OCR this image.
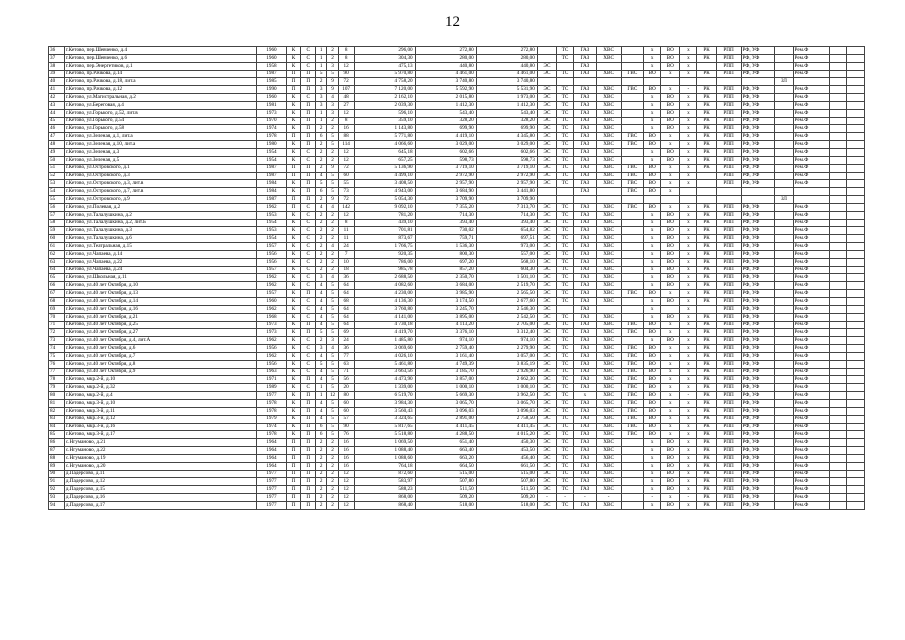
12
36	г.Кетово, пер.Шевченко, д.4	1960	К	С	1	2	8	296,00	272,80	272,80		ТС	ГАЗ	ХВС		х	ВО	х	РК	РПП	РФ, УФ		Рем.Ф		
37	г.Кетово, пер.Шевченко, д.6	1960	К	С	1	2	8	304,30	280,00	280,00		ТС	ГАЗ	ХВС		х	ВО	х	РК	РПП	РФ, УФ		Рем.Ф		
38	г.Кетово, пер.Энергетиков, д.1	1958	К	С	1	3	12	475,13	440,80	440,80	ЭС		ГАЗ			х	ВО	х		РПП	РФ, УФ		Рем.Ф		
39	г.Кетово, пр.Рачкова, д.14	1987	П	П	5	5	90	5 970,80	4 461,00	4 461,00	ЭС	ТС	ГАЗ	ХВС	ГВС	ВО	х	х	РК	РПП	РФ, УФ		Рем.Ф		
40	г.Кетово, пр.Рачкова, д.18, лит.а	1985	П	П	2	9	72	4 758,20	3 740,80	3 740,80												ЗЛ			
41	г.Кетово, пр.Рачкова, д.12	1990	П	П	3	9	107	7 120,00	5 592,90	5 531,90	ЭС	ТС	ГАЗ	ХВС	ГВС	ВО	х	-	РК	РПП	РФ, УФ		Рем.Ф		
42	г.Кетово, ул.Магистральная, д.2	1960	К	С	3	4	48	2 162,10	2 015,80	1 973,00	ЭС	ТС	ГАЗ	ХВС		х	ВО	х	РК	РПП	РФ, УФ		Рем.Ф		
43	г.Кетово, ул.Береговая, д.4	1981	К	П	3	3	27	2 039,30	1 412,30	1 412,30	ЭС	ТС	ГАЗ	ХВС		х	ВО	х	РК	РПП	РФ, УФ		Рем.Ф		
44	г.Кетово, ул.Горького, д.52, лит.в	1973	К	П	1	3	12	596,10	543,40	543,40	ЭС	ТС	ГАЗ	ХВС		х	ВО	х	РК	РПП	РФ, УФ		Рем.Ф		
45	г.Кетово, ул.Горького, д.54	1970	К	П	1	2	8	359,10	328,20	328,20	ЭС	ТС	ГАЗ	ХВС		х	ВО	х	РК	РПП	РФ, УФ		Рем.Ф		
46	г.Кетово, ул.Горького, д.58	1974	К	П	2	2	16	1 143,80	699,90	699,90	ЭС	ТС	ГАЗ	ХВС		х	ВО	х	РК	РПП	РФ, УФ		Рем.Ф		
47	г.Кетово, ул.Зеленая, д.1, лит.а	1978	П	П	6	5	88	5 771,80	4 419,10	4 345,80	ЭС	ТС	ГАЗ	ХВС	ГВС	ВО	х	х	РК	РПП	РФ, УФ		Рем.Ф		
48	г.Кетово, ул.Зеленая, д.10, лит.а	1980	К	П	2	5	114	4 066,60	3 029,00	3 029,00	ЭС	ТС	ГАЗ	ХВС	ГВС	ВО	х	х	РК	РПП	РФ, УФ		Рем.Ф		
49	г.Кетово, ул.Зеленая, д.3	1954	К	С	2	2	12	645,18	602,66	602,66	ЭС	ТС	ГАЗ	ХВС		х	ВО	х	РК	РПП	РФ, УФ		Рем.Ф		
50	г.Кетово, ул.Зеленая, д.5	1954	К	С	2	2	12	657,25	598,73	598,73	ЭС	ТС	ГАЗ	ХВС		х	ВО	х	РК	РПП	РФ, УФ		Рем.Ф		
51	г.Кетово, ул.Островского, д.1	1987	П	П	2	9	72	5 136,90	3 719,10	3 719,10	ЭС	ТС	ГАЗ	ХВС	ГВС	ВО	х	х	РК	РПП	РФ, УФ		Рем.Ф		
52	г.Кетово, ул.Островского, д.3	1987	П	П	4	5	60	4 499,10	2 972,90	2 972,90	ЭС	ТС	ГАЗ	ХВС	ГВС	ВО	х	х		РПП	РФ, УФ		Рем.Ф		
53	г.Кетово, ул.Островского, д.3, лит.в	1984	К	П	5	5	55	3 408,50	2 957,90	2 957,90	ЭС	ТС	ГАЗ	ХВС	ГВС	ВО	х	х		РПП	РФ, УФ		Рем.Ф		
54	г.Кетово, ул.Островского, д.7, лит.в	1984	К	П	6	5	73	4 943,00	3 684,90	3 441,80			ГАЗ		ГВС	ВО	х								
55	г.Кетово, ул.Островского, д.9	1987	П	П	2	9	72	5 054,30	3 709,90	3 709,90												ЗЛ			
56	г.Кетово, ул.Полевая, д.2	1962	П	С	4	4	142	9 092,10	7 355,20	7 313,70	ЭС	ТС	ГАЗ	ХВС	ГВС	ВО	х	х	РК	РПП	РФ, УФ		Рем.Ф		
57	г.Кетово, ул.Талалушкина, д.2	1953	К	С	2	2	12	781,20	714,30	714,30	ЭС	ТС	ГАЗ	ХВС		х	ВО	х	РК	РПП	РФ, УФ		Рем.Ф		
58	г.Кетово, ул.Талалушкина, д.2, лит.Б	1954	К	С	2	2	8	439,10	393,40	393,40	ЭС	ТС	ГАЗ	ХВС		х	ВО	х	РК	РПП	РФ, УФ		Рем.Ф		
59	г.Кетово, ул.Талалушкина, д.3	1953	К	С	2	2	11	701,81	730,02	654,82	ЭС	ТС	ГАЗ	ХВС		х	ВО	х	РК	РПП	РФ, УФ		Рем.Ф		
60	г.Кетово, ул.Талалушкина, д.6	1954	К	С	2	2	11	873,67	759,71	697,51	ЭС	ТС	ГАЗ	ХВС		х	ВО	х	РК	РПП	РФ, УФ		Рем.Ф		
61	г.Кетово, ул.Театральная, д.15	1957	К	С	2	4	24	1 766,75	1 536,30	973,00	ЭС	ТС	ГАЗ	ХВС		х	ВО	х	РК	РПП	РФ, УФ		Рем.Ф		
62	г.Кетово, ул.Чапаева, д.14	1956	К	С	2	2	7	920,35	800,30	557,00	ЭС	ТС	ГАЗ	ХВС		х	ВО	х	РК	РПП	РФ, УФ		Рем.Ф		
63	г.Кетово, ул.Чапаева, д.22	1956	К	С	2	2	10	786,00	697,20	568,10	ЭС	ТС	ГАЗ	ХВС		х	ВО	х	РК	РПП	РФ, УФ		Рем.Ф		
64	г.Кетово, ул.Чапаева, д.24	1957	К	С	2	2	18	985,78	857,20	604,30	ЭС	ТС	ГАЗ	ХВС		х	ВО	х	РК	РПП	РФ, УФ		Рем.Ф		
65	г.Кетово, ул.Школьная, д.11	1962	К	С	3	4	36	2 688,50	2 350,70	1 501,10	ЭС	ТС	ГАЗ	ХВС		х	ВО	х	РК	РПП	РФ, УФ		Рем.Ф		
66	г.Кетово, ул.40 лет Октября, д.10	1962	К	С	4	5	64	4 082,60	3 684,00	2 519,70	ЭС	ТС	ГАЗ	ХВС		х	ВО	х	РК	РПП	РФ, УФ		Рем.Ф		
67	г.Кетово, ул.40 лет Октября, д.13	1957	К	П	4	5	64	4 230,00	3 985,90	2 565,50	ЭС	ТС	ГАЗ	ХВС	ГВС	ВО	х	х	РК	РПП	РФ, УФ		Рем.Ф		
68	г.Кетово, ул.40 лет Октября, д.14	1960	К	С	4	5	68	4 136,30	3 174,50	2 677,60	ЭС	ТС	ГАЗ	ХВС		х	ВО	х	РК	РПП	РФ, УФ		Рем.Ф		
69	г.Кетово, ул.40 лет Октября, д.16	1962	К	С	4	5	64	3 760,80	3 245,70	2 546,30	ЭС		ГАЗ			х		х		РПП	РФ, УФ		Рем.Ф		
70	г.Кетово, ул.40 лет Октября, д.21	1968	К	С	4	5	64	4 141,00	3 895,00	2 542,50	ЭС	ТС	ГАЗ	ХВС		х	ВО	х	РК	РПП	РФ, УФ		Рем.Ф		
71	г.Кетово, ул.40 лет Октября, д.25	1973	К	П	4	5	64	4 730,18	4 113,20	2 705,00	ЭС	ТС	ГАЗ	ХВС	ГВС	ВО	х	х	РК	РПП	РФ, УФ		Рем.Ф		
72	г.Кетово, ул.40 лет Октября, д.27	1973	К	П	5	5	69	4 419,70	3 376,10	3 312,40	ЭС	ТС	ГАЗ	ХВС	ГВС	ВО	х	х	РК	РПП	РФ, УФ		Рем.Ф		
73	г.Кетово, ул.40 лет Октября, д.4, лит.А	1962	К	С	2	3	24	1 485,80	974,10	974,10	ЭС	ТС	ГАЗ	ХВС		х	ВО	х	РК	РПП	РФ, УФ		Рем.Ф		
74	г.Кетово, ул.40 лет Октября, д.6	1956	К	С	3	4	36	3 069,60	2 759,40	2 279,90	ЭС	ТС	ГАЗ	ХВС	ГВС	ВО	х	х	РК	РПП	РФ, УФ		Рем.Ф		
75	г.Кетово, ул.40 лет Октября, д.7	1962	К	С	4	5	77	4 026,10	3 161,40	3 057,00	ЭС	ТС	ГАЗ	ХВС	ГВС	ВО	х	х	РК	РПП	РФ, УФ		Рем.Ф		
76	г.Кетово, ул.40 лет Октября, д.8	1956	К	С	5	5	63	5 461,80	4 749,39	3 835,19	ЭС	ТС	ГАЗ	ХВС	ГВС	ВО	х	х	РК	РПП	РФ, УФ		Рем.Ф		
77	г.Кетово, ул.40 лет Октября, д.9	1963	К	С	4	5	71	3 663,56	3 185,70	2 926,90	ЭС	ТС	ГАЗ	ХВС	ГВС	ВО	х	х	РК	РПП	РФ, УФ		Рем.Ф		
78	г.Кетово, мкр.2-й, д.10	1971	К	П	4	5	56	4 473,90	3 857,00	2 662,30	ЭС	ТС	ГАЗ	ХВС	ГВС	ВО	х	х	РК	РПП	РФ, УФ		Рем.Ф		
79	г.Кетово, мкр.2-й, д.32	1989	К	С	1	5	20	1 339,00	1 000,10	1 000,10	ЭС	ТС	ГАЗ	ХВС	ГВС	ВО	х	х	РК	РПП	РФ, УФ		Рем.Ф		
80	г.Кетово, мкр.2-й, д.4	1977	К	П	1	12	80	6 519,70	5 669,30	3 962,50	ЭС	ТС	х	ХВС	ГВС	ВО	х	-	РК	РПП	РФ, УФ		Рем.Ф		
81	г.Кетово, мкр.3-й, д.10	1978	К	П	4	5	60	3 984,30	3 065,70	3 065,70	ЭС	ТС	ГАЗ	ХВС	ГВС	ВО	х	х	РК	РПП	РФ, УФ		Рем.Ф		
82	г.Кетово, мкр.3-й, д.11	1978	К	П	4	5	60	3 560,43	3 096,03	3 096,03	ЭС	ТС	ГАЗ	ХВС	ГВС	ВО	х	х	РК	РПП	РФ, УФ		Рем.Ф		
83	г.Кетово, мкр.3-й, д.12	1979	К	П	4	5	57	3 324,65	2 891,00	2 758,50	ЭС	ТС	ГАЗ	ХВС	ГВС	ВО	х	х	РК	РПП	РФ, УФ		Рем.Ф		
84	г.Кетово, мкр.3-й, д.16	1974	К	П	6	5	90	5 817,65	4 411,45	4 411,45	ЭС	ТС	ГАЗ	ХВС	ГВС	ВО	х	х	РК	РПП	РФ, УФ		Рем.Ф		
85	г.Кетово, мкр.3-й, д.17	1978	К	П	6	5	76	5 518,80	4 288,50	4 015,20	ЭС	ТС	ГАЗ	ХВС	ГВС	ВО	х	х	РК	РПП	РФ, УФ		Рем.Ф		
86	с.Нгуманово, д.21	1964	П	П	2	2	16	1 069,50	651,40	450,30	ЭС	ТС	ГАЗ	ХВС		х	ВО	х	РК	РПП	РФ, УФ		Рем.Ф		
87	с.Нгуманово, д.22	1964	П	П	2	2	16	1 088,40	663,40	453,50	ЭС	ТС	ГАЗ	ХВС		х	ВО	х	РК	РПП	РФ, УФ		Рем.Ф		
88	с.Нгуманово, д.19	1964	П	П	2	2	16	1 088,60	663,20	456,40	ЭС	ТС	ГАЗ	ХВС		х	ВО	х	РК	РПП	РФ, УФ		Рем.Ф		
89	с.Нгуманово, д.20	1964	П	П	2	2	16	764,18	664,50	661,50	ЭС	ТС	ГАЗ	ХВС		х	ВО	х	РК	РПП	РФ, УФ		Рем.Ф		
90	д.Падерсово, д.11	1977	П	П	2	2	12	872,60	515,00	515,00	ЭС	ТС	ГАЗ	ХВС		х	ВО	х	РК	РПП	РФ, УФ		Рем.Ф		
91	д.Падерсово, д.12	1977	П	П	2	2	12	583,97	507,80	507,80	ЭС	ТС	ГАЗ	ХВС		х	ВО	х	РК	РПП	РФ, УФ		Рем.Ф		
92	д.Падерсово, д.15	1977	П	П	2	2	12	588,23	511,50	511,50	ЭС	ТС	ГАЗ	ХВС		х	ВО	х	РК	РПП	РФ, УФ		Рем.Ф		
93	д.Падерсово, д.16	1977	П	П	2	2	12	868,00	509,20	509,20	-	-	-	-		-	х	-	РК	РПП	РФ, УФ		Рем.Ф		
94	д.Падерсово, д.17	1977	П	П	2	2	12	868,40	518,00	518,00	ЭС	ТС	ГАЗ	ХВС		х	ВО	х	РК	РПП	РФ, УФ		Рем.Ф		
